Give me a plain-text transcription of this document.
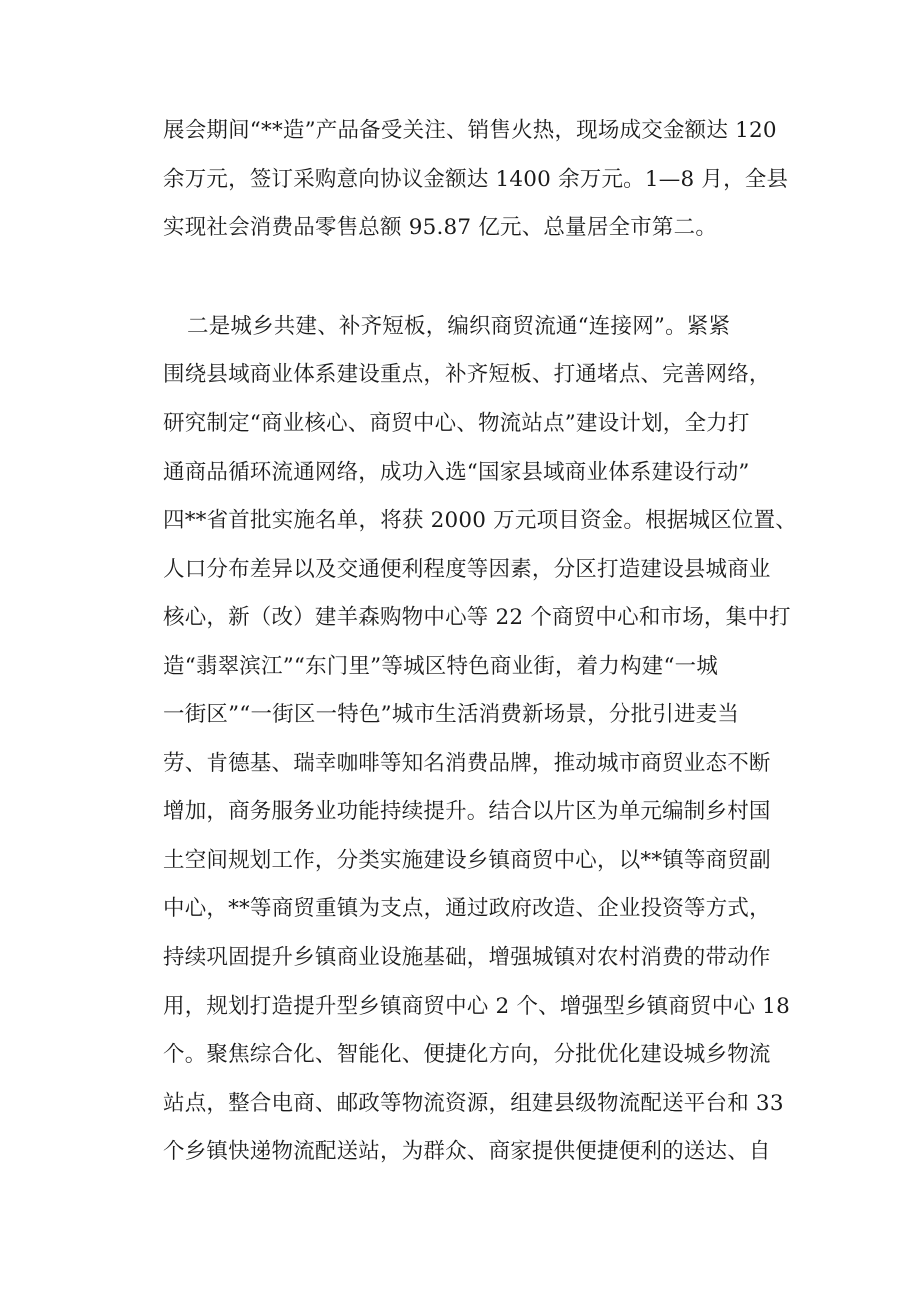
展会期间“**造”产品备受关注、销售火热，现场成交金额达 120
余万元，签订采购意向协议金额达 1400 余万元。1—8 月，全县
实现社会消费品零售总额 95.87 亿元、总量居全市第二。
二是城乡共建、补齐短板，编织商贸流通“连接网”。紧紧
围绕县域商业体系建设重点，补齐短板、打通堵点、完善网络，
研究制定“商业核心、商贸中心、物流站点”建设计划，全力打
通商品循环流通网络，成功入选“国家县域商业体系建设行动”
四**省首批实施名单，将获 2000 万元项目资金。根据城区位置、
人口分布差异以及交通便利程度等因素，分区打造建设县城商业
核心，新（改）建羊森购物中心等 22 个商贸中心和市场，集中打
造“翡翠滨江”“东门里”等城区特色商业街，着力构建“一城
一街区”“一街区一特色”城市生活消费新场景，分批引进麦当
劳、肯德基、瑞幸咖啡等知名消费品牌，推动城市商贸业态不断
增加，商务服务业功能持续提升。结合以片区为单元编制乡村国
土空间规划工作，分类实施建设乡镇商贸中心，以**镇等商贸副
中心，**等商贸重镇为支点，通过政府改造、企业投资等方式，
持续巩固提升乡镇商业设施基础，增强城镇对农村消费的带动作
用，规划打造提升型乡镇商贸中心 2 个、增强型乡镇商贸中心 18
个。聚焦综合化、智能化、便捷化方向，分批优化建设城乡物流
站点，整合电商、邮政等物流资源，组建县级物流配送平台和 33
个乡镇快递物流配送站，为群众、商家提供便捷便利的送达、自
